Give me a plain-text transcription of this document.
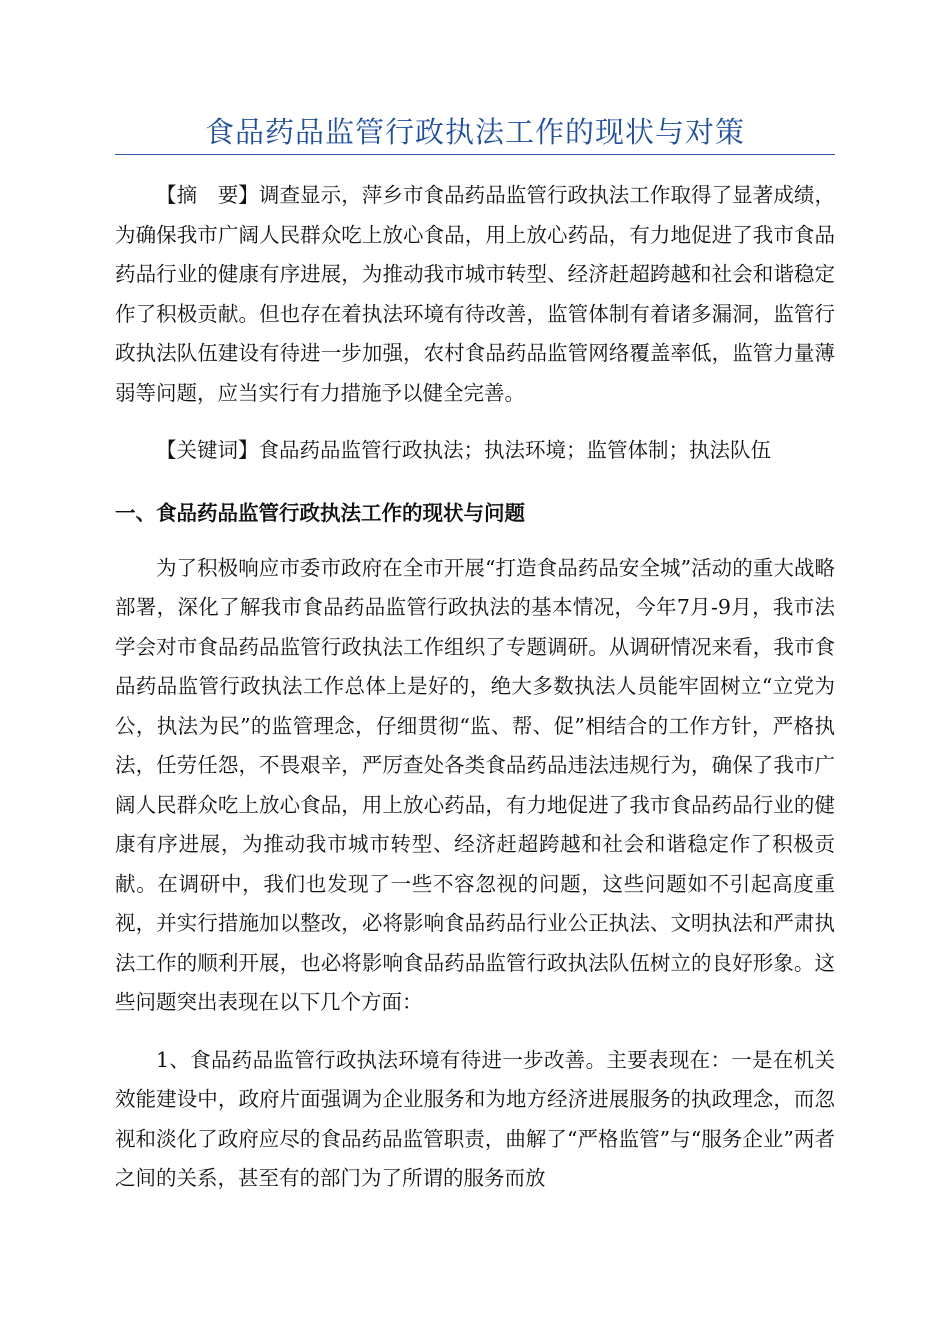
食品药品监管行政执法工作的现状与对策

【摘　要】调查显示，萍乡市食品药品监管行政执法工作取得了显著成绩，为确保我市广阔人民群众吃上放心食品，用上放心药品，有力地促进了我市食品药品行业的健康有序进展，为推动我市城市转型、经济赶超跨越和社会和谐稳定作了积极贡献。但也存在着执法环境有待改善，监管体制有着诸多漏洞，监管行政执法队伍建设有待进一步加强，农村食品药品监管网络覆盖率低，监管力量薄弱等问题，应当实行有力措施予以健全完善。

【关键词】食品药品监管行政执法；执法环境；监管体制；执法队伍

一、食品药品监管行政执法工作的现状与问题

为了积极响应市委市政府在全市开展“打造食品药品安全城”活动的重大战略部署，深化了解我市食品药品监管行政执法的基本情况，今年7月-9月，我市法学会对市食品药品监管行政执法工作组织了专题调研。从调研情况来看，我市食品药品监管行政执法工作总体上是好的，绝大多数执法人员能牢固树立“立党为公，执法为民”的监管理念，仔细贯彻“监、帮、促”相结合的工作方针，严格执法，任劳任怨，不畏艰辛，严厉查处各类食品药品违法违规行为，确保了我市广阔人民群众吃上放心食品，用上放心药品，有力地促进了我市食品药品行业的健康有序进展，为推动我市城市转型、经济赶超跨越和社会和谐稳定作了积极贡献。在调研中，我们也发现了一些不容忽视的问题，这些问题如不引起高度重视，并实行措施加以整改，必将影响食品药品行业公正执法、文明执法和严肃执法工作的顺利开展，也必将影响食品药品监管行政执法队伍树立的良好形象。这些问题突出表现在以下几个方面：

1、食品药品监管行政执法环境有待进一步改善。主要表现在：一是在机关效能建设中，政府片面强调为企业服务和为地方经济进展服务的执政理念，而忽视和淡化了政府应尽的食品药品监管职责，曲解了“严格监管”与“服务企业”两者之间的关系，甚至有的部门为了所谓的服务而放
